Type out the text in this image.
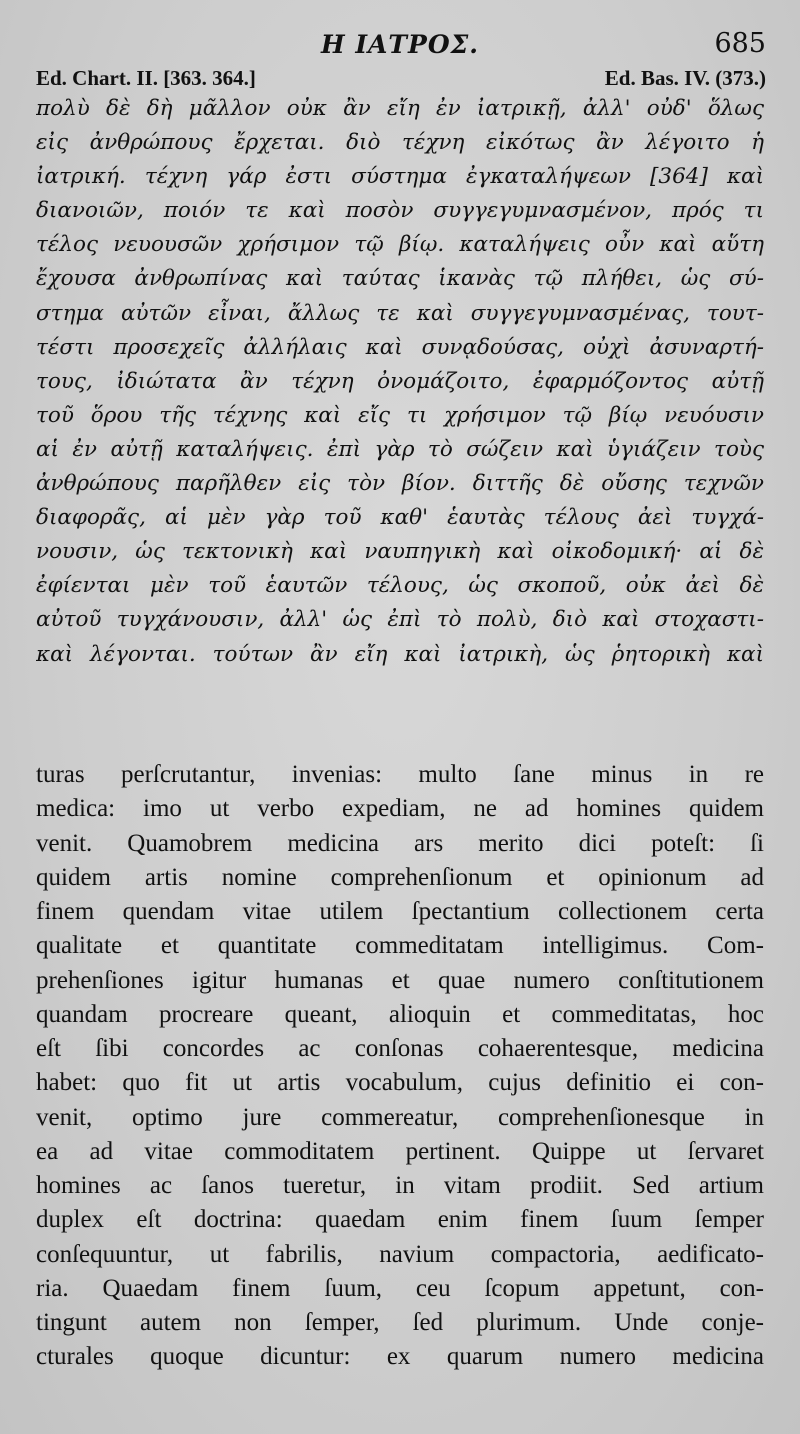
Η ΙΑΤΡΟΣ.	685
Ed. Chart. II. [363. 364.]	Ed. Bas. IV. (373.)
πολὺ δὲ δὴ μᾶλλον οὐκ ἂν εἴη ἐν ἰατρικῇ, ἀλλ' οὐδ' ὅλως
εἰς ἀνθρώπους ἔρχεται. διὸ τέχνη εἰκότως ἂν λέγοιτο ἡ
ἰατρική. τέχνη γάρ ἐστι σύστημα ἐγκαταλήψεων [364] καὶ
διανοιῶν, ποιόν τε καὶ ποσὸν συγγεγυμνασμένον, πρός τι
τέλος νευουσῶν χρήσιμον τῷ βίῳ. καταλήψεις οὖν καὶ αὕτη
ἔχουσα ἀνθρωπίνας καὶ ταύτας ἱκανὰς τῷ πλήθει, ὡς σύ-
στημα αὐτῶν εἶναι, ἄλλως τε καὶ συγγεγυμνασμένας, τουτ-
τέστι προσεχεῖς ἀλλήλαις καὶ συνᾳδούσας, οὐχὶ ἀσυναρτή-
τους, ἰδιώτατα ἂν τέχνη ὀνομάζοιτο, ἐφαρμόζοντος αὐτῇ
τοῦ ὅρου τῆς τέχνης καὶ εἴς τι χρήσιμον τῷ βίῳ νευόυσιν
αἱ ἐν αὐτῇ καταλήψεις. ἐπὶ γὰρ τὸ σώζειν καὶ ὑγιάζειν τοὺς
ἀνθρώπους παρῆλθεν εἰς τὸν βίον. διττῆς δὲ οὔσης τεχνῶν
διαφορᾶς, αἱ μὲν γὰρ τοῦ καθ' ἑαυτὰς τέλους ἀεὶ τυγχά-
νουσιν, ὡς τεκτονικὴ καὶ ναυπηγικὴ καὶ οἰκοδομική· αἱ δὲ
ἐφίενται μὲν τοῦ ἑαυτῶν τέλους, ὡς σκοποῦ, οὐκ ἀεὶ δὲ
αὐτοῦ τυγχάνουσιν, ἀλλ' ὡς ἐπὶ τὸ πολὺ, διὸ καὶ στοχαστι-
καὶ λέγονται. τούτων ἂν εἴη καὶ ἰατρικὴ, ὡς ῥητορικὴ καὶ
turas perſcrutantur, invenias: multo ſane minus in re
medica: imo ut verbo expediam, ne ad homines quidem
venit. Quamobrem medicina ars merito dici poteſt: ſi
quidem artis nomine comprehenſionum et opinionum ad
finem quendam vitae utilem ſpectantium collectionem certa
qualitate et quantitate commeditatam intelligimus. Com-
prehenſiones igitur humanas et quae numero conſtitutionem
quandam procreare queant, alioquin et commeditatas, hoc
eſt ſibi concordes ac conſonas cohaerentesque, medicina
habet: quo fit ut artis vocabulum, cujus definitio ei con-
venit, optimo jure commereatur, comprehenſionesque in
ea ad vitae commoditatem pertinent. Quippe ut ſervaret
homines ac ſanos tueretur, in vitam prodiit. Sed artium
duplex eſt doctrina: quaedam enim finem ſuum ſemper
conſequuntur, ut fabrilis, navium compactoria, aedificato-
ria. Quaedam finem ſuum, ceu ſcopum appetunt, con-
tingunt autem non ſemper, ſed plurimum. Unde conje-
cturales quoque dicuntur: ex quarum numero medicina
